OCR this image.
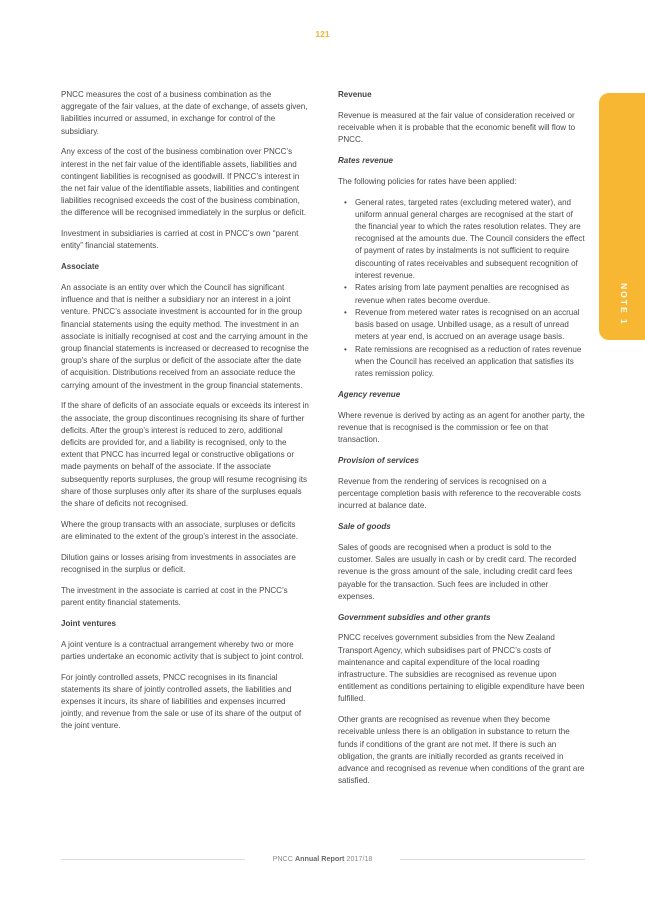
121
NOTE 1

PNCC measures the cost of a business combination as the aggregate of the fair values, at the date of exchange, of assets given, liabilities incurred or assumed, in exchange for control of the subsidiary.

Any excess of the cost of the business combination over PNCC’s interest in the net fair value of the identifiable assets, liabilities and contingent liabilities is recognised as goodwill. If PNCC’s interest in the net fair value of the identifiable assets, liabilities and contingent liabilities recognised exceeds the cost of the business combination, the difference will be recognised immediately in the surplus or deficit.

Investment in subsidiaries is carried at cost in PNCC’s own “parent entity” financial statements.

Associate

An associate is an entity over which the Council has significant influence and that is neither a subsidiary nor an interest in a joint venture. PNCC’s associate investment is accounted for in the group financial statements using the equity method. The investment in an associate is initially recognised at cost and the carrying amount in the group financial statements is increased or decreased to recognise the group’s share of the surplus or deficit of the associate after the date of acquisition. Distributions received from an associate reduce the carrying amount of the investment in the group financial statements.

If the share of deficits of an associate equals or exceeds its interest in the associate, the group discontinues recognising its share of further deficits. After the group’s interest is reduced to zero, additional deficits are provided for, and a liability is recognised, only to the extent that PNCC has incurred legal or constructive obligations or made payments on behalf of the associate. If the associate subsequently reports surpluses, the group will resume recognising its share of those surpluses only after its share of the surpluses equals the share of deficits not recognised.

Where the group transacts with an associate, surpluses or deficits are eliminated to the extent of the group’s interest in the associate.

Dilution gains or losses arising from investments in associates are recognised in the surplus or deficit.

The investment in the associate is carried at cost in the PNCC’s parent entity financial statements.

Joint ventures

A joint venture is a contractual arrangement whereby two or more parties undertake an economic activity that is subject to joint control.

For jointly controlled assets, PNCC recognises in its financial statements its share of jointly controlled assets, the liabilities and expenses it incurs, its share of liabilities and expenses incurred jointly, and revenue from the sale or use of its share of the output of the joint venture.

Revenue

Revenue is measured at the fair value of consideration received or receivable when it is probable that the economic benefit will flow to PNCC.

Rates revenue

The following policies for rates have been applied:

• General rates, targeted rates (excluding metered water), and uniform annual general charges are recognised at the start of the financial year to which the rates resolution relates. They are recognised at the amounts due. The Council considers the effect of payment of rates by instalments is not sufficient to require discounting of rates receivables and subsequent recognition of interest revenue.
• Rates arising from late payment penalties are recognised as revenue when rates become overdue.
• Revenue from metered water rates is recognised on an accrual basis based on usage. Unbilled usage, as a result of unread meters at year end, is accrued on an average usage basis.
• Rate remissions are recognised as a reduction of rates revenue when the Council has received an application that satisfies its rates remission policy.
Agency revenue

Where revenue is derived by acting as an agent for another party, the revenue that is recognised is the commission or fee on that transaction.

Provision of services

Revenue from the rendering of services is recognised on a percentage completion basis with reference to the recoverable costs incurred at balance date.

Sale of goods

Sales of goods are recognised when a product is sold to the customer. Sales are usually in cash or by credit card. The recorded revenue is the gross amount of the sale, including credit card fees payable for the transaction. Such fees are included in other expenses.

Government subsidies and other grants

PNCC receives government subsidies from the New Zealand Transport Agency, which subsidises part of PNCC’s costs of maintenance and capital expenditure of the local roading infrastructure. The subsidies are recognised as revenue upon entitlement as conditions pertaining to eligible expenditure have been fulfilled.

Other grants are recognised as revenue when they become receivable unless there is an obligation in substance to return the funds if conditions of the grant are not met. If there is such an obligation, the grants are initially recorded as grants received in advance and recognised as revenue when conditions of the grant are satisfied.

PNCC Annual Report 2017/18
